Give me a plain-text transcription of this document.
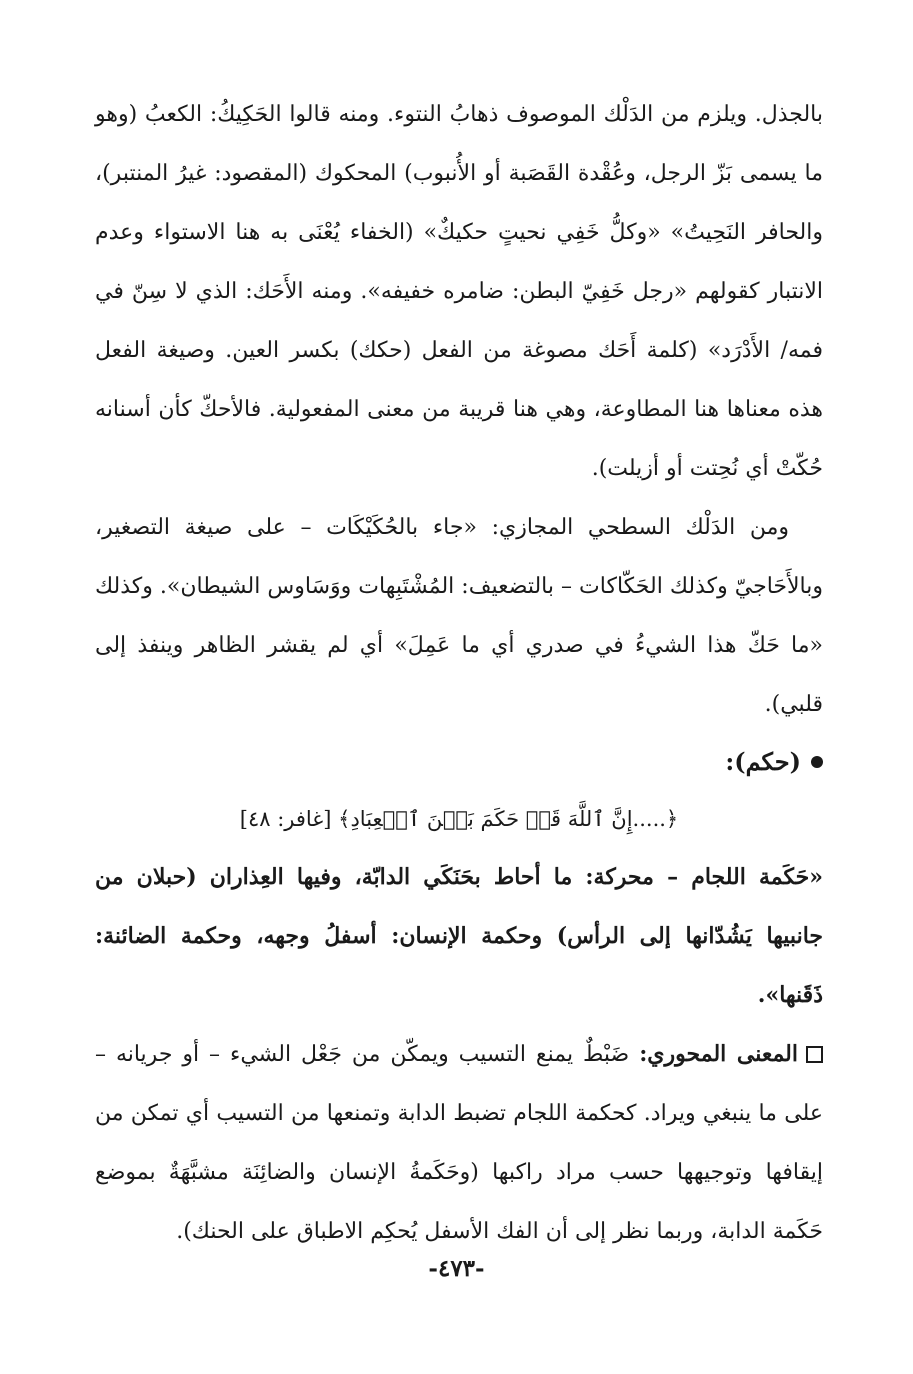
بالجذل. ويلزم من الدَلْك الموصوف ذهابُ النتوء. ومنه قالوا الحَكِيكُ: الكعبُ (وهو ما يسمى بَزّ الرجل، وعُقْدة القَصَبة أو الأُنبوب) المحكوك (المقصود: غيرُ المنتبر)، والحافر النَحِيتُ» «وكلُّ خَفِي نحيتٍ حكيكٌ» (الخفاء يُعْنَى به هنا الاستواء وعدم الانتبار كقولهم «رجل خَفِيّ البطن: ضامره خفيفه». ومنه الأَحَك: الذي لا سِنّ في فمه/ الأَدْرَد» (كلمة أَحَك مصوغة من الفعل (حكك) بكسر العين. وصيغة الفعل هذه معناها هنا المطاوعة، وهي هنا قريبة من معنى المفعولية. فالأحكّ كأن أسنانه حُكّتْ أي نُحِتت أو أزيلت).

ومن الدَلْك السطحي المجازي: «جاء بالحُكَيْكَات – على صيغة التصغير، وبالأَحَاجيّ وكذلك الحَكّاكات – بالتضعيف: المُشْتَبِهات ووَسَاوس الشيطان». وكذلك «ما حَكّ هذا الشيءُ في صدري أي ما عَمِلَ» أي لم يقشر الظاهر وينفذ إلى قلبي).

(حكم):

﴿.....إِنَّ ٱللَّهَ قَدۡ حَكَمَ بَيۡنَ ٱلۡعِبَادِ﴾ [غافر: ٤٨]

«حَكَمة اللجام – محركة: ما أحاط بحَنَكَي الدابّة، وفيها العِذاران (حبلان من جانبيها يَشُدّانها إلى الرأس) وحكمة الإنسان: أسفلُ وجهه، وحكمة الضائنة: ذَقَنها».

المعنى المحوري: ضَبْطٌ يمنع التسيب ويمكّن من جَعْل الشيء – أو جريانه – على ما ينبغي ويراد. كحكمة اللجام تضبط الدابة وتمنعها من التسيب أي تمكن من إيقافها وتوجيهها حسب مراد راكبها (وحَكَمةُ الإنسان والضائِنَة مشبَّهَةٌ بموضع حَكَمة الدابة، وربما نظر إلى أن الفك الأسفل يُحكِم الاطباق على الحنك).

-٤٧٣-
